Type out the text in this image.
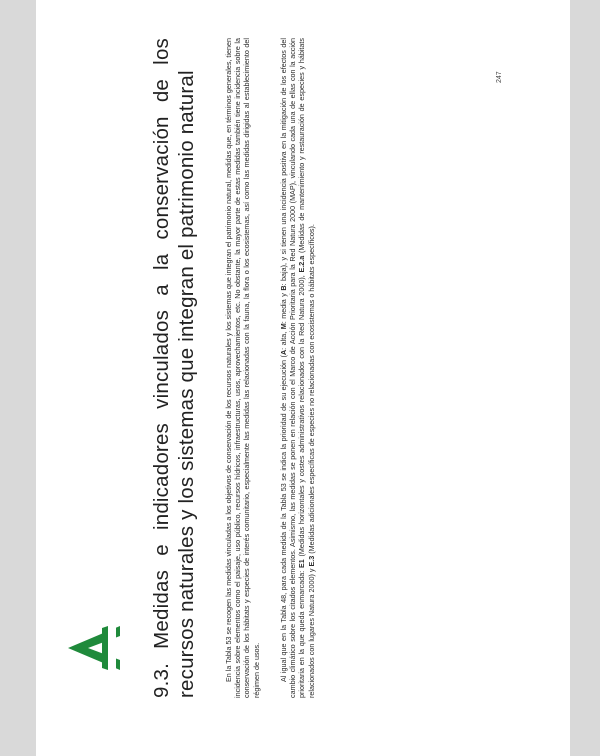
9.3. Medidas e indicadores vinculados a la conservación de los recursos naturales y los sistemas que integran el patrimonio natural	En la Tabla 53 se recogen las medidas vinculadas a los objetivos de conservación de los recursos naturales y los sistemas que integran el patrimonio natural, medidas que, en términos generales, tienen incidencia sobre elementos como el paisaje, uso público, recursos hídricos, infraestructuras, usos, aprovechamientos, etc. No obstante, la mayor parte de estas medidas también tiene incidencia sobre la conservación de los hábitats y especies de interés comunitario, especialmente las medidas las relacionadas con la fauna, la flora o los ecosistemas, así como las medidas dirigidas al establecimiento del régimen de usos.	Al igual que en la Tabla 48, para cada medida de la Tabla 53 se indica la prioridad de su ejecución (A: alta, M: media y B: baja), y si tienen una incidencia positiva en la mitigación de los efectos del cambio climático sobre los citados elementos. Asimismo, las medidas se ponen en relación con el Marco de Acción Prioritaria para la Red Natura 2000 (MAP), vinculando cada una de ellas con la acción prioritaria en la que queda enmarcada: E1 (Medidas horizontales y costes administrativos relacionados con la Red Natura 2000), E.2.a (Medidas de mantenimiento y restauración de especies y hábitats relacionados con lugares Natura 2000) y E.3 (Medidas adicionales específicas de especies no relacionadas con ecosistemas o hábitats específicos).

247
